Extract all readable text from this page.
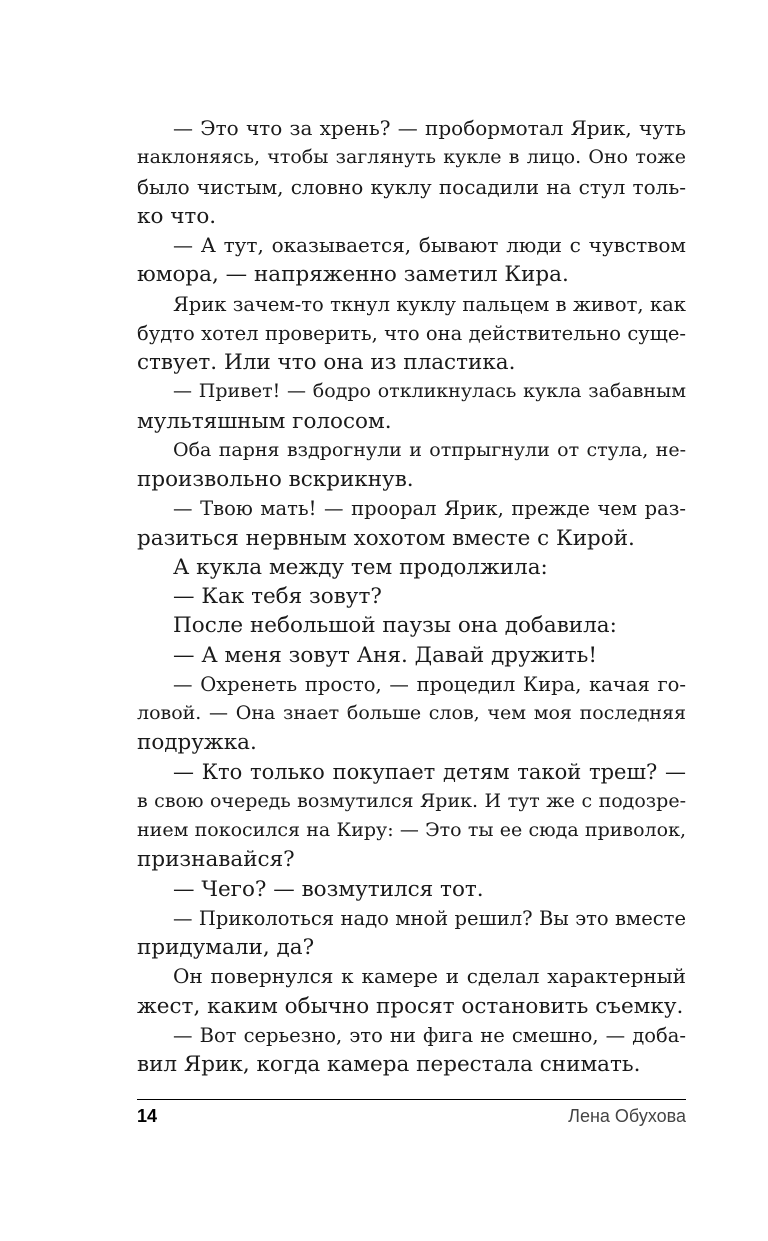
— Это что за хрень? — пробормотал Ярик, чуть
наклоняясь, чтобы заглянуть кукле в лицо. Оно тоже
было чистым, словно куклу посадили на стул толь-
ко что.
— А тут, оказывается, бывают люди с чувством
юмора, — напряженно заметил Кира.
Ярик зачем-то ткнул куклу пальцем в живот, как
будто хотел проверить, что она действительно суще-
ствует. Или что она из пластика.
— Привет! — бодро откликнулась кукла забавным
мультяшным голосом.
Оба парня вздрогнули и отпрыгнули от стула, не-
произвольно вскрикнув.
— Твою мать! — проорал Ярик, прежде чем раз-
разиться нервным хохотом вместе с Кирой.
А кукла между тем продолжила:
— Как тебя зовут?
После небольшой паузы она добавила:
— А меня зовут Аня. Давай дружить!
— Охренеть просто, — процедил Кира, качая го-
ловой. — Она знает больше слов, чем моя последняя
подружка.
— Кто только покупает детям такой треш? —
в свою очередь возмутился Ярик. И тут же с подозре-
нием покосился на Киру: — Это ты ее сюда приволок,
признавайся?
— Чего? — возмутился тот.
— Приколоться надо мной решил? Вы это вместе
придумали, да?
Он повернулся к камере и сделал характерный
жест, каким обычно просят остановить съемку.
— Вот серьезно, это ни фига не смешно, — доба-
вил Ярик, когда камера перестала снимать.
14	Лена Обухова
